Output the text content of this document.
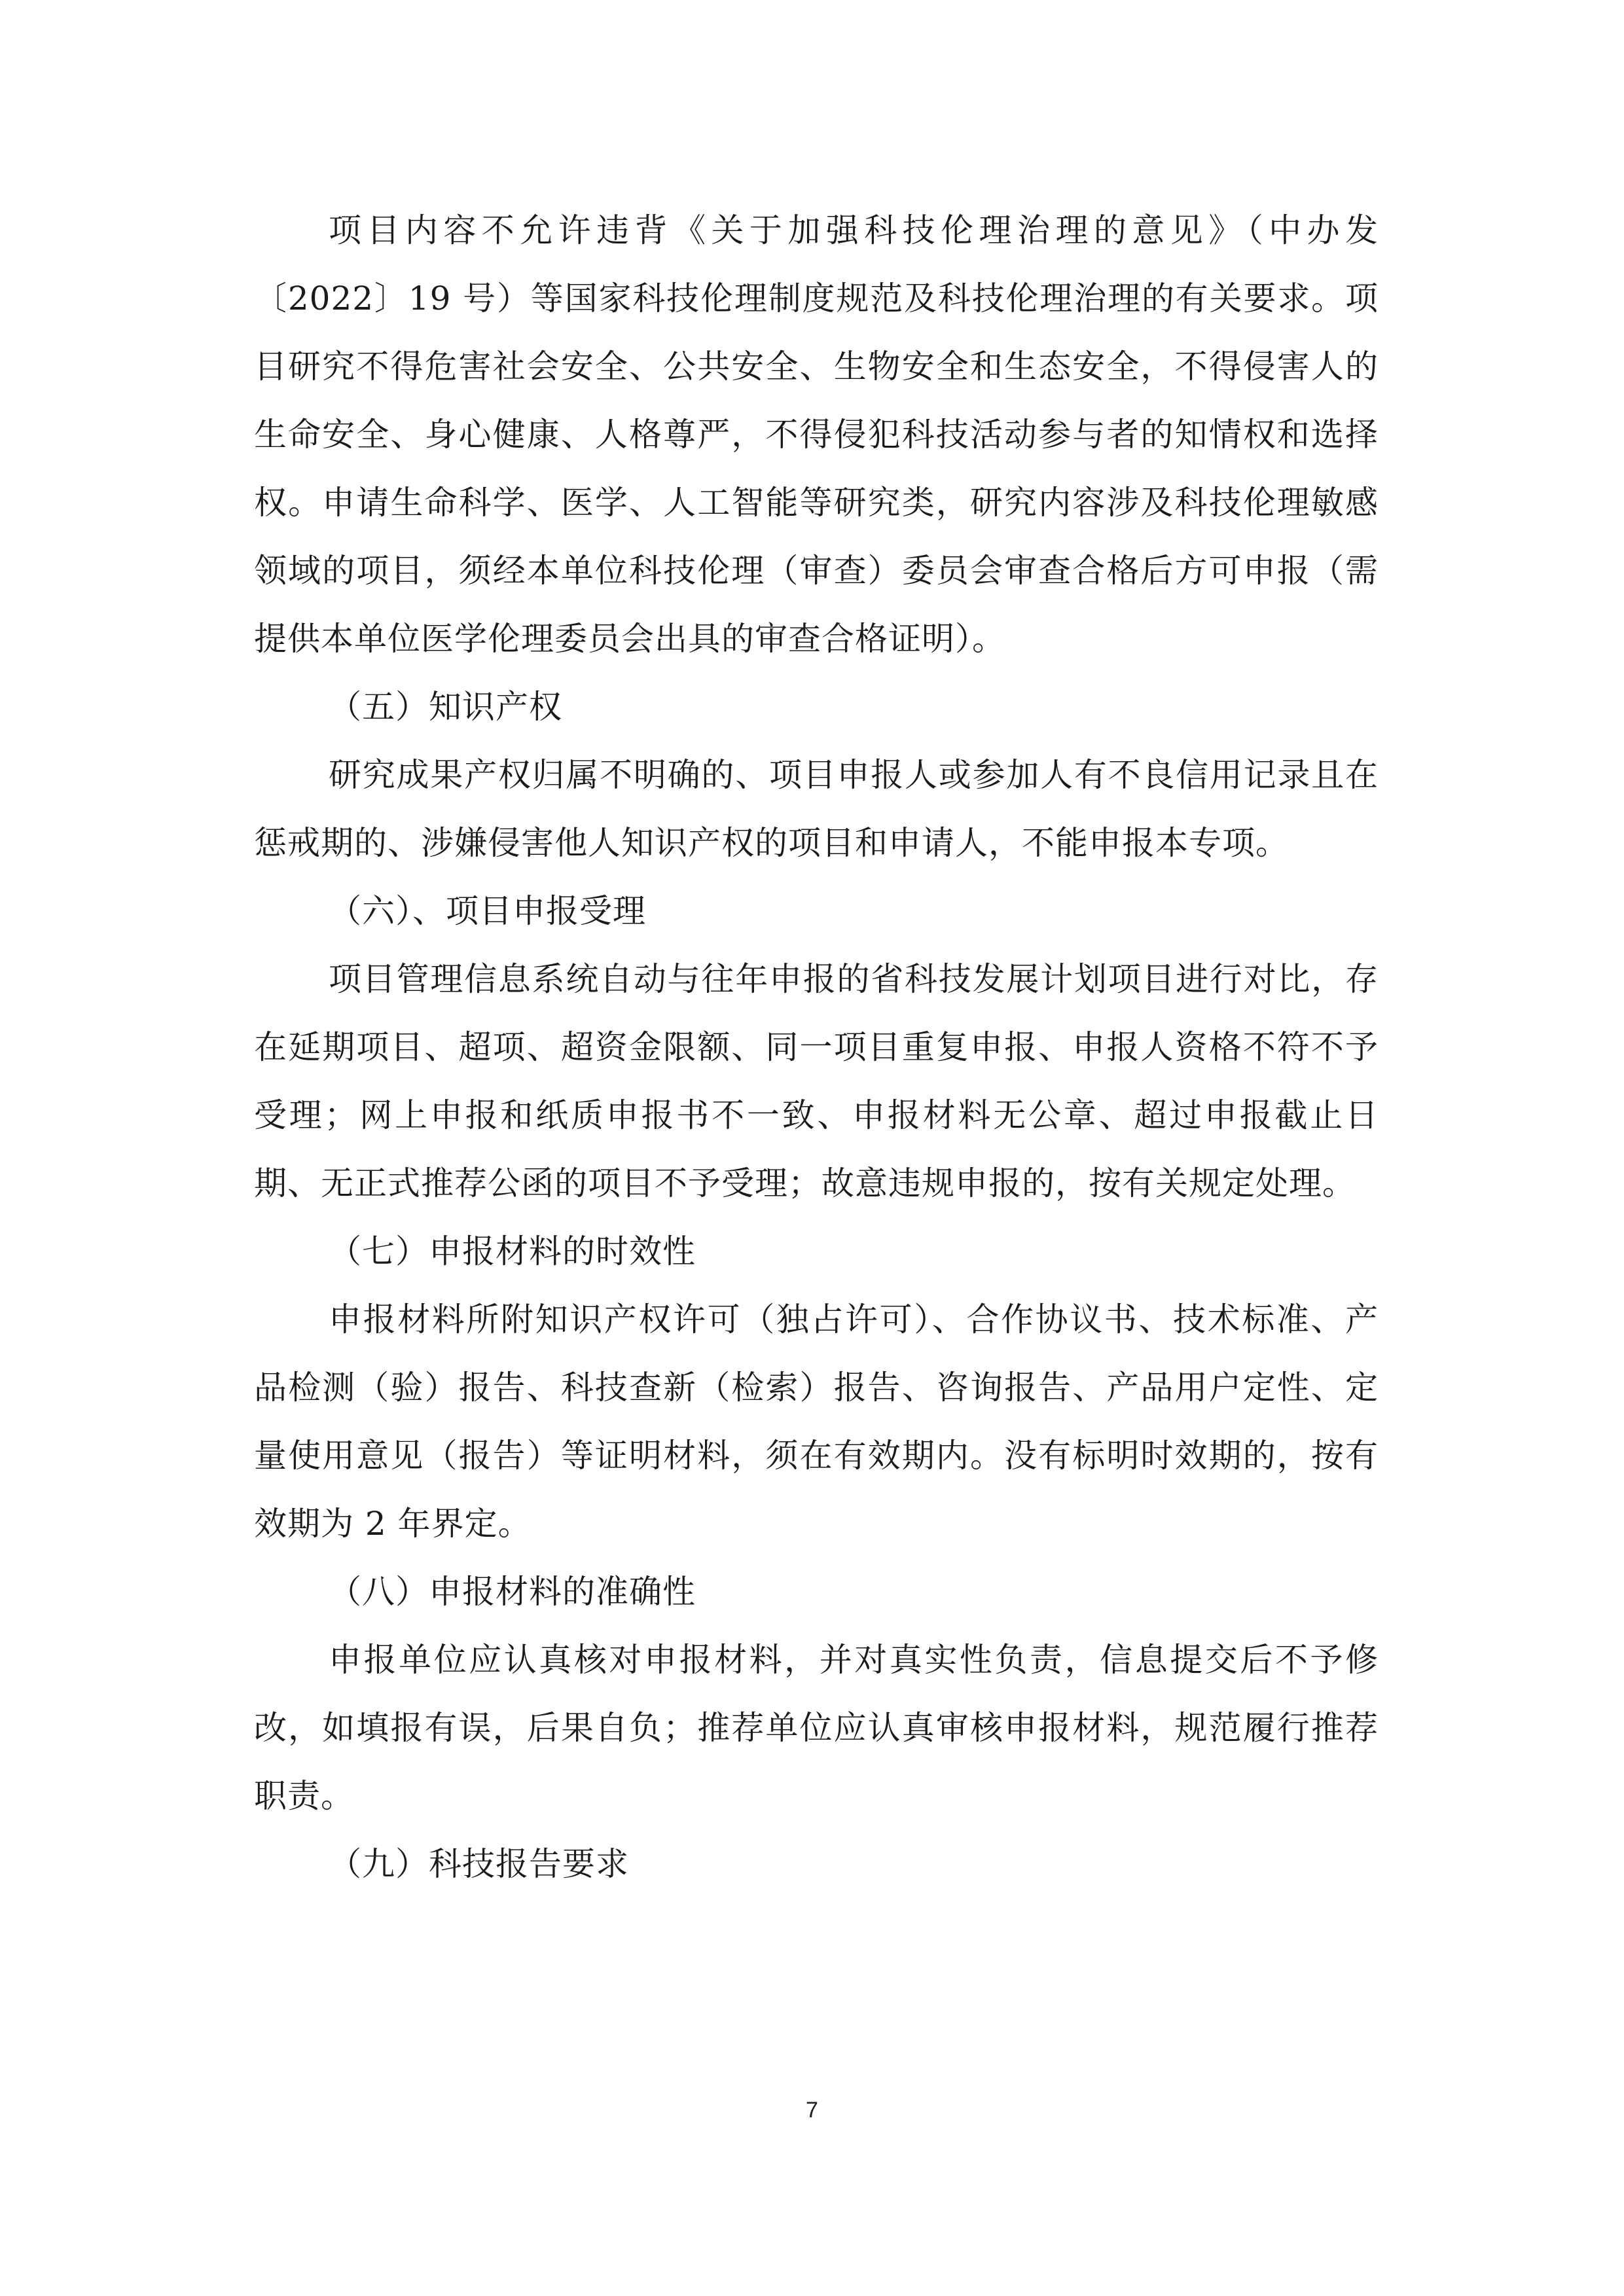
项目内容不允许违背《关于加强科技伦理治理的意见》（中办发〔2022〕19 号）等国家科技伦理制度规范及科技伦理治理的有关要求。项目研究不得危害社会安全、公共安全、生物安全和生态安全，不得侵害人的生命安全、身心健康、人格尊严，不得侵犯科技活动参与者的知情权和选择权。申请生命科学、医学、人工智能等研究类，研究内容涉及科技伦理敏感领域的项目，须经本单位科技伦理（审查）委员会审查合格后方可申报（需提供本单位医学伦理委员会出具的审查合格证明）。

（五）知识产权

研究成果产权归属不明确的、项目申报人或参加人有不良信用记录且在惩戒期的、涉嫌侵害他人知识产权的项目和申请人，不能申报本专项。

（六）、项目申报受理

项目管理信息系统自动与往年申报的省科技发展计划项目进行对比，存在延期项目、超项、超资金限额、同一项目重复申报、申报人资格不符不予受理；网上申报和纸质申报书不一致、申报材料无公章、超过申报截止日期、无正式推荐公函的项目不予受理；故意违规申报的，按有关规定处理。

（七）申报材料的时效性

申报材料所附知识产权许可（独占许可）、合作协议书、技术标准、产品检测（验）报告、科技查新（检索）报告、咨询报告、产品用户定性、定量使用意见（报告）等证明材料，须在有效期内。没有标明时效期的，按有效期为 2 年界定。

（八）申报材料的准确性

申报单位应认真核对申报材料，并对真实性负责，信息提交后不予修改，如填报有误，后果自负；推荐单位应认真审核申报材料，规范履行推荐职责。

（九）科技报告要求

7
